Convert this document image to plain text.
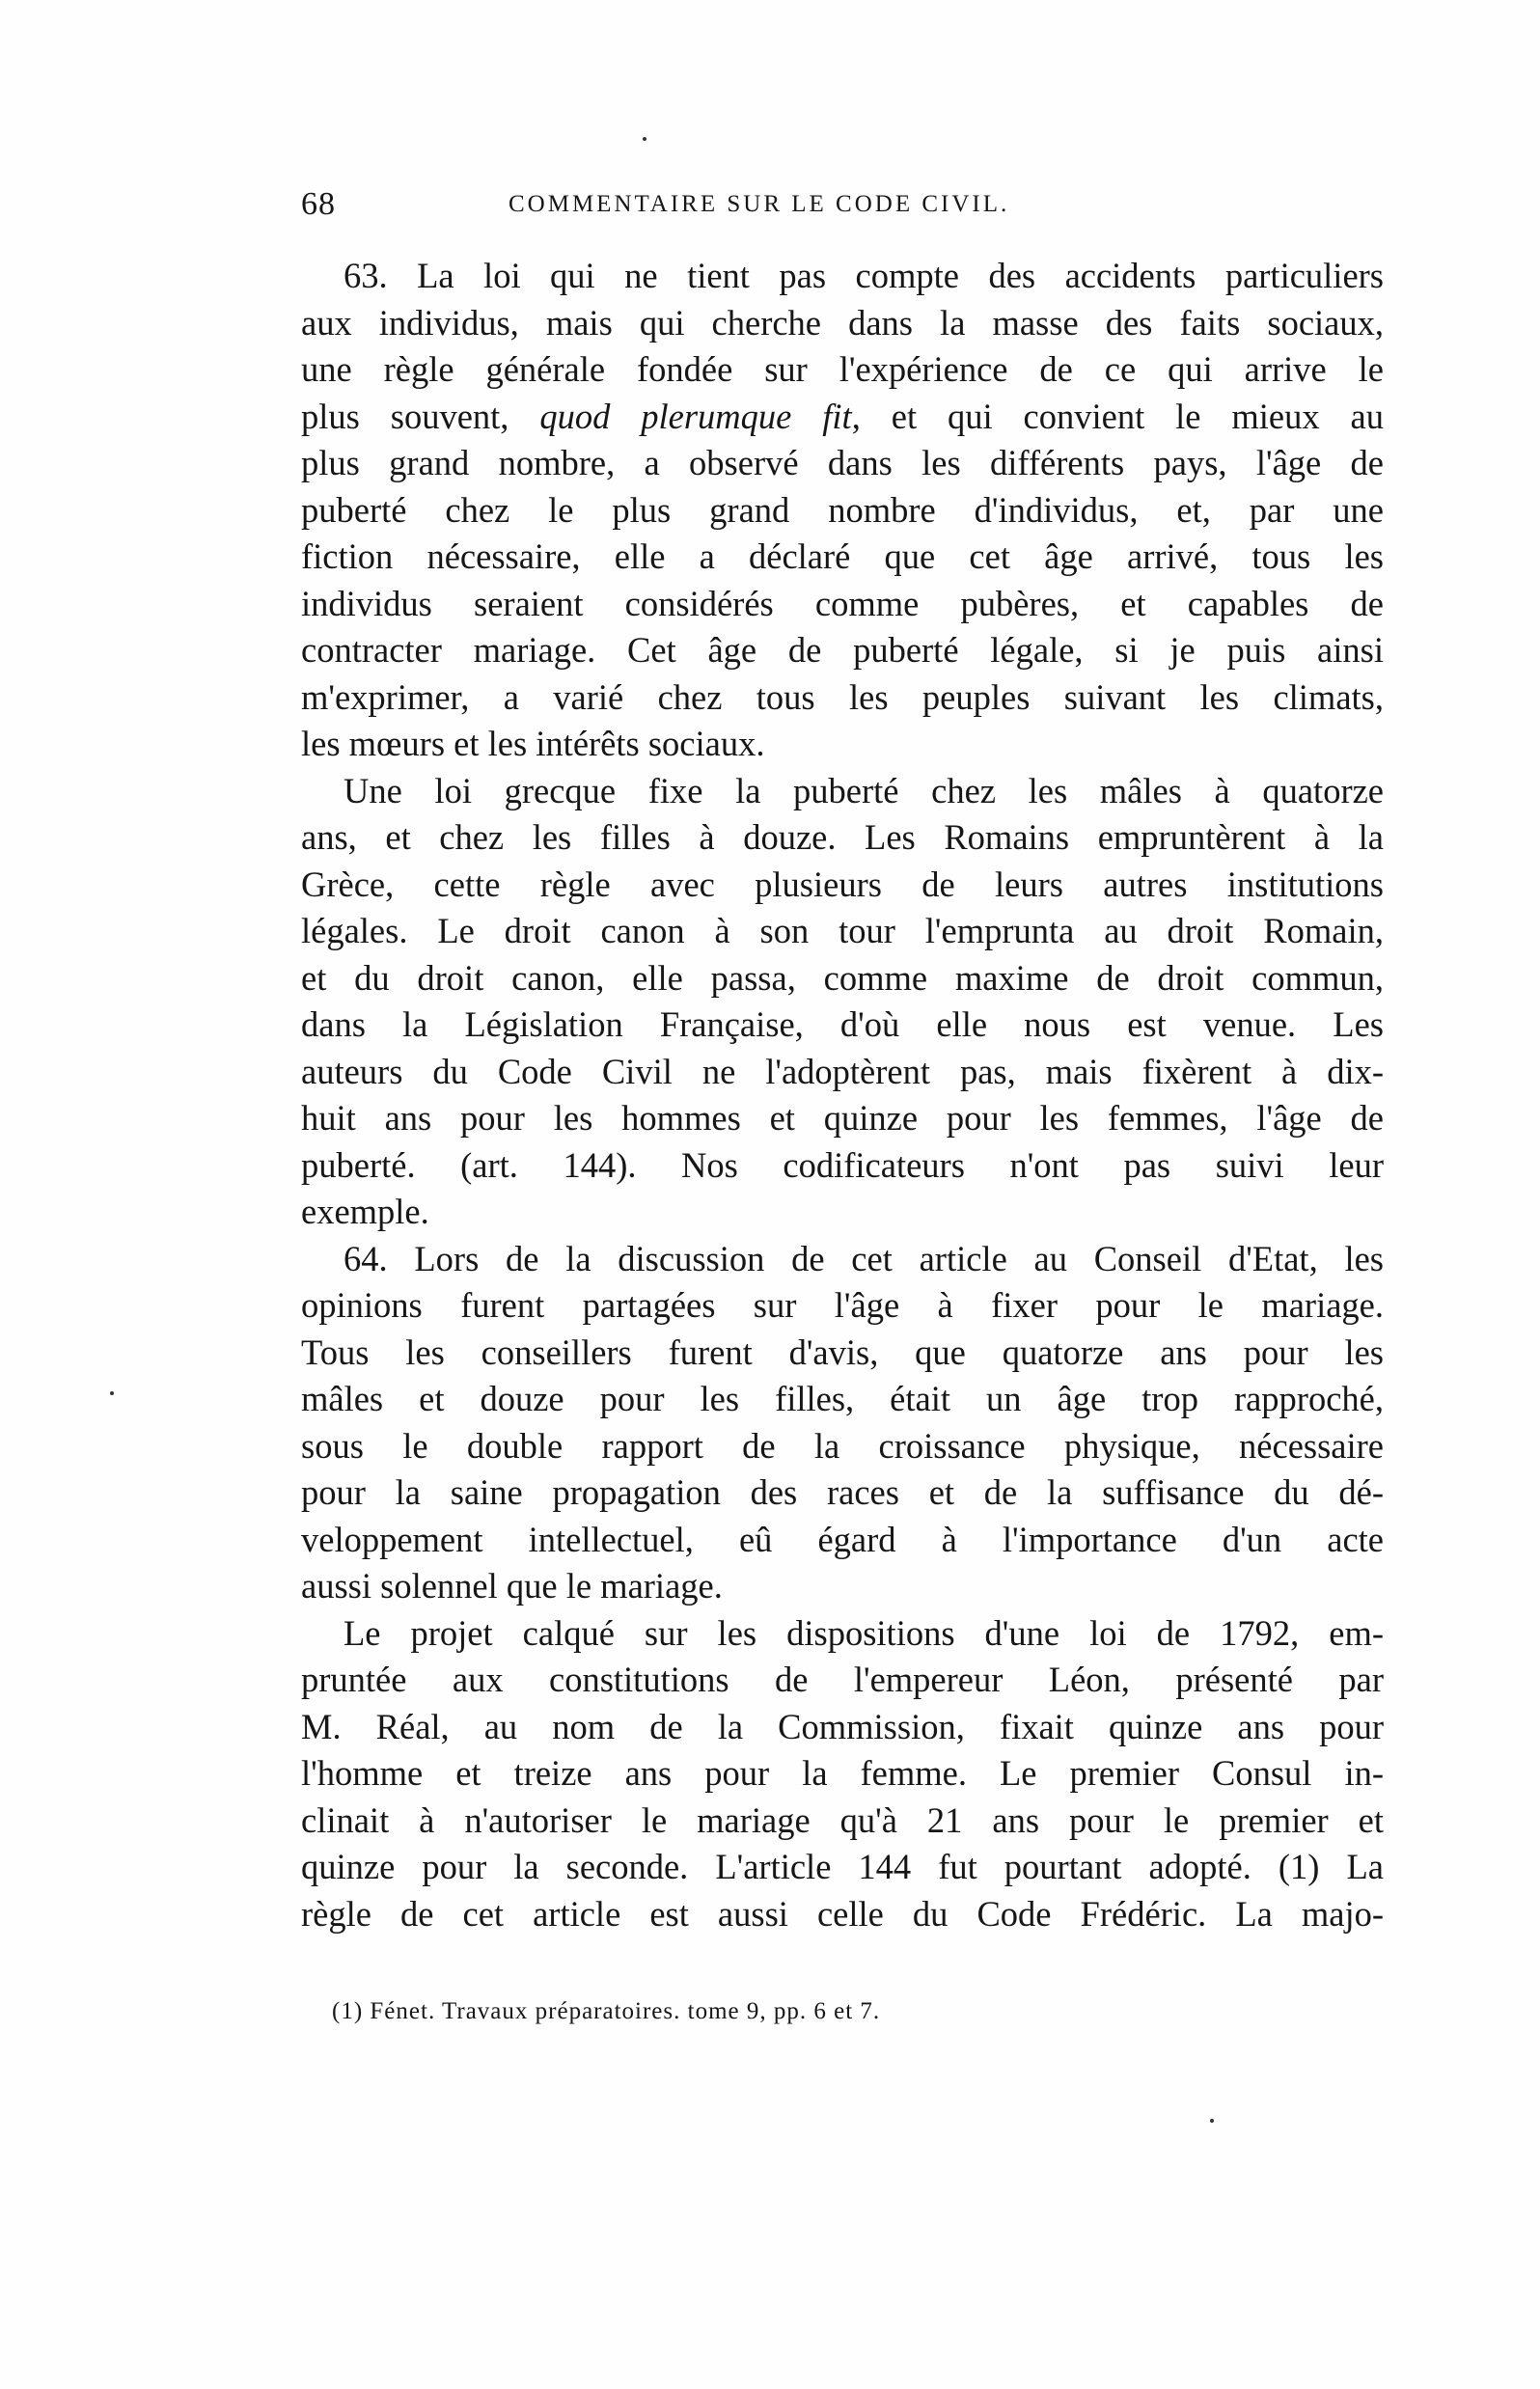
68	COMMENTAIRE SUR LE CODE CIVIL.
63. La loi qui ne tient pas compte des accidents particuliers
aux individus, mais qui cherche dans la masse des faits sociaux,
une règle générale fondée sur l'expérience de ce qui arrive le
plus souvent, quod plerumque fit, et qui convient le mieux au
plus grand nombre, a observé dans les différents pays, l'âge de
puberté chez le plus grand nombre d'individus, et, par une
fiction nécessaire, elle a déclaré que cet âge arrivé, tous les
individus seraient considérés comme pubères, et capables de
contracter mariage. Cet âge de puberté légale, si je puis ainsi
m'exprimer, a varié chez tous les peuples suivant les climats,
les mœurs et les intérêts sociaux.
Une loi grecque fixe la puberté chez les mâles à quatorze
ans, et chez les filles à douze. Les Romains empruntèrent à la
Grèce, cette règle avec plusieurs de leurs autres institutions
légales. Le droit canon à son tour l'emprunta au droit Romain,
et du droit canon, elle passa, comme maxime de droit commun,
dans la Législation Française, d'où elle nous est venue. Les
auteurs du Code Civil ne l'adoptèrent pas, mais fixèrent à dix-
huit ans pour les hommes et quinze pour les femmes, l'âge de
puberté. (art. 144). Nos codificateurs n'ont pas suivi leur
exemple.
64. Lors de la discussion de cet article au Conseil d'Etat, les
opinions furent partagées sur l'âge à fixer pour le mariage.
Tous les conseillers furent d'avis, que quatorze ans pour les
mâles et douze pour les filles, était un âge trop rapproché,
sous le double rapport de la croissance physique, nécessaire
pour la saine propagation des races et de la suffisance du dé-
veloppement intellectuel, eû égard à l'importance d'un acte
aussi solennel que le mariage.
Le projet calqué sur les dispositions d'une loi de 1792, em-
pruntée aux constitutions de l'empereur Léon, présenté par
M. Réal, au nom de la Commission, fixait quinze ans pour
l'homme et treize ans pour la femme. Le premier Consul in-
clinait à n'autoriser le mariage qu'à 21 ans pour le premier et
quinze pour la seconde. L'article 144 fut pourtant adopté. (1) La
règle de cet article est aussi celle du Code Frédéric. La majo-
(1) Fénet. Travaux préparatoires. tome 9, pp. 6 et 7.
